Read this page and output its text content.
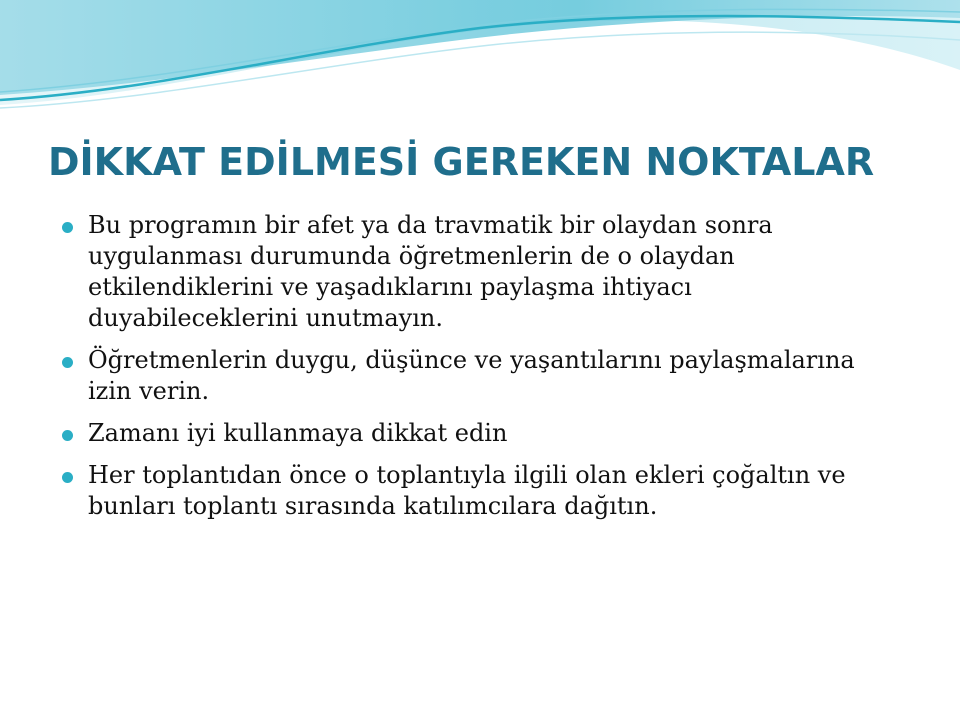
DİKKAT EDİLMESİ GEREKEN NOKTALAR
Bu programın bir afet ya da travmatik bir olaydan sonra uygulanması durumunda öğretmenlerin de o olaydan etkilendiklerini ve yaşadıklarını paylaşma ihtiyacı duyabileceklerini unutmayın.
Öğretmenlerin duygu, düşünce ve yaşantılarını paylaşmalarına izin verin.
Zamanı iyi kullanmaya dikkat edin
Her toplantıdan önce o toplantıyla ilgili olan ekleri çoğaltın ve bunları toplantı sırasında katılımcılara dağıtın.
